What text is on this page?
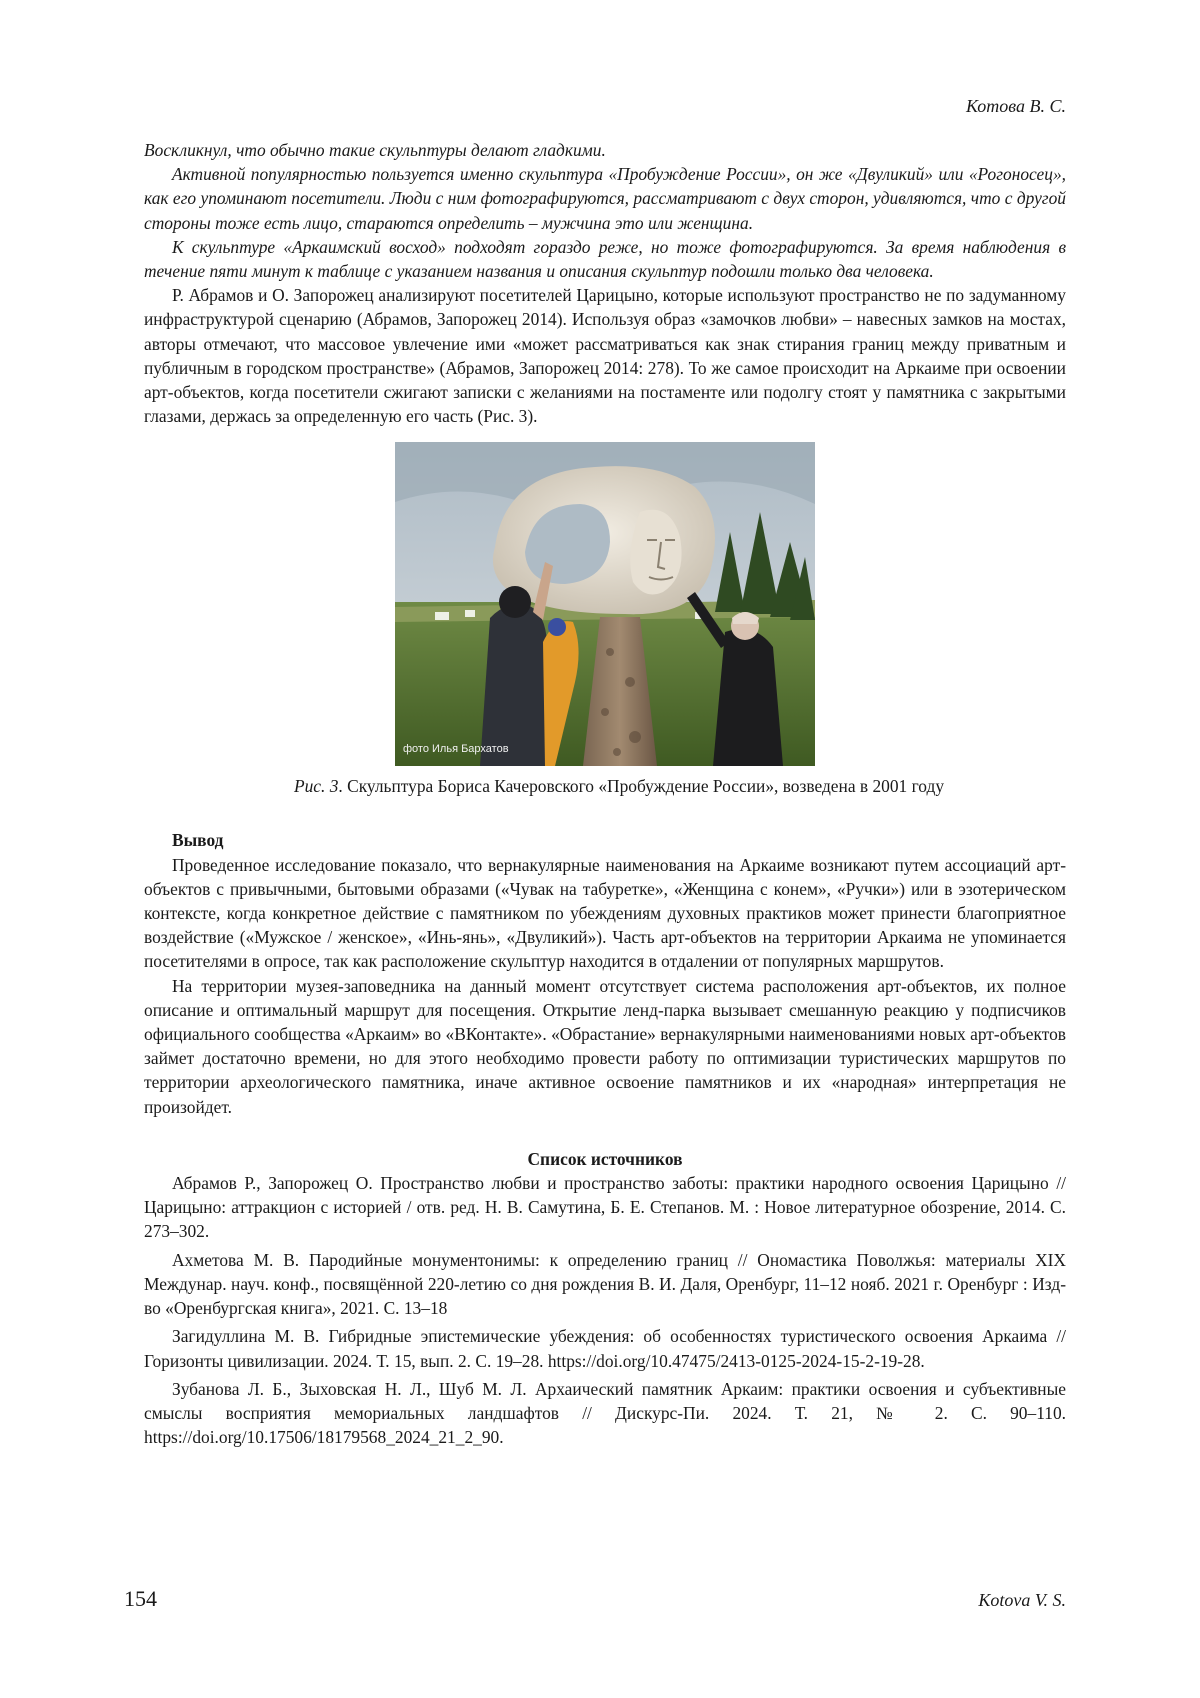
Котова В. С.

Воскликнул, что обычно такие скульптуры делают гладкими.

Активной популярностью пользуется именно скульптура «Пробуждение России», он же «Двуликий» или «Рогоносец», как его упоминают посетители. Люди с ним фотографируются, рассматривают с двух сторон, удивляются, что с другой стороны тоже есть лицо, стараются определить – мужчина это или женщина.

К скульптуре «Аркаимский восход» подходят гораздо реже, но тоже фотографируются. За время наблюдения в течение пяти минут к таблице с указанием названия и описания скульптур подошли только два человека.

Р. Абрамов и О. Запорожец анализируют посетителей Царицыно, которые используют пространство не по задуманному инфраструктурой сценарию (Абрамов, Запорожец 2014). Используя образ «замочков любви» – навесных замков на мостах, авторы отмечают, что массовое увлечение ими «может рассматриваться как знак стирания границ между приватным и публичным в городском пространстве» (Абрамов, Запорожец 2014: 278). То же самое происходит на Аркаиме при освоении арт-объектов, когда посетители сжигают записки с желаниями на постаменте или подолгу стоят у памятника с закрытыми глазами, держась за определенную его часть (Рис. 3).

фото Илья Бархатов
Рис. 3. Скульптура Бориса Качеровского «Пробуждение России», возведена в 2001 году
Вывод

Проведенное исследование показало, что вернакулярные наименования на Аркаиме возникают путем ассоциаций арт-объектов с привычными, бытовыми образами («Чувак на табуретке», «Женщина с конем», «Ручки») или в эзотерическом контексте, когда конкретное действие с памятником по убеждениям духовных практиков может принести благоприятное воздействие («Мужское / женское», «Инь-янь», «Двуликий»). Часть арт-объектов на территории Аркаима не упоминается посетителями в опросе, так как расположение скульптур находится в отдалении от популярных маршрутов.

На территории музея-заповедника на данный момент отсутствует система расположения арт-объектов, их полное описание и оптимальный маршрут для посещения. Открытие ленд-парка вызывает смешанную реакцию у подписчиков официального сообщества «Аркаим» во «ВКонтакте». «Обрастание» вернакулярными наименованиями новых арт-объектов займет достаточно времени, но для этого необходимо провести работу по оптимизации туристических маршрутов по территории археологического памятника, иначе активное освоение памятников и их «народная» интерпретация не произойдет.

Список источников

Абрамов Р., Запорожец О. Пространство любви и пространство заботы: практики народного освоения Царицыно // Царицыно: аттракцион с историей / отв. ред. Н. В. Самутина, Б. Е. Степанов. М. : Новое литературное обозрение, 2014. С. 273–302.

Ахметова М. В. Пародийные монументонимы: к определению границ // Ономастика Поволжья: материалы XIX Междунар. науч. конф., посвящённой 220-летию со дня рождения В. И. Даля, Оренбург, 11–12 нояб. 2021 г. Оренбург : Изд-во «Оренбургская книга», 2021. С. 13–18

Загидуллина М. В. Гибридные эпистемические убеждения: об особенностях туристического освоения Аркаима // Горизонты цивилизации. 2024. Т. 15, вып. 2. С. 19–28. https://doi.org/10.47475/2413-0125-2024-15-2-19-28.

Зубанова Л. Б., Зыховская Н. Л., Шуб М. Л. Архаический памятник Аркаим: практики освоения и субъективные смыслы восприятия мемориальных ландшафтов // Дискурс-Пи. 2024. Т. 21, № 2. С. 90–110. https://doi.org/10.17506/18179568_2024_21_2_90.

154	Kotova V. S.
